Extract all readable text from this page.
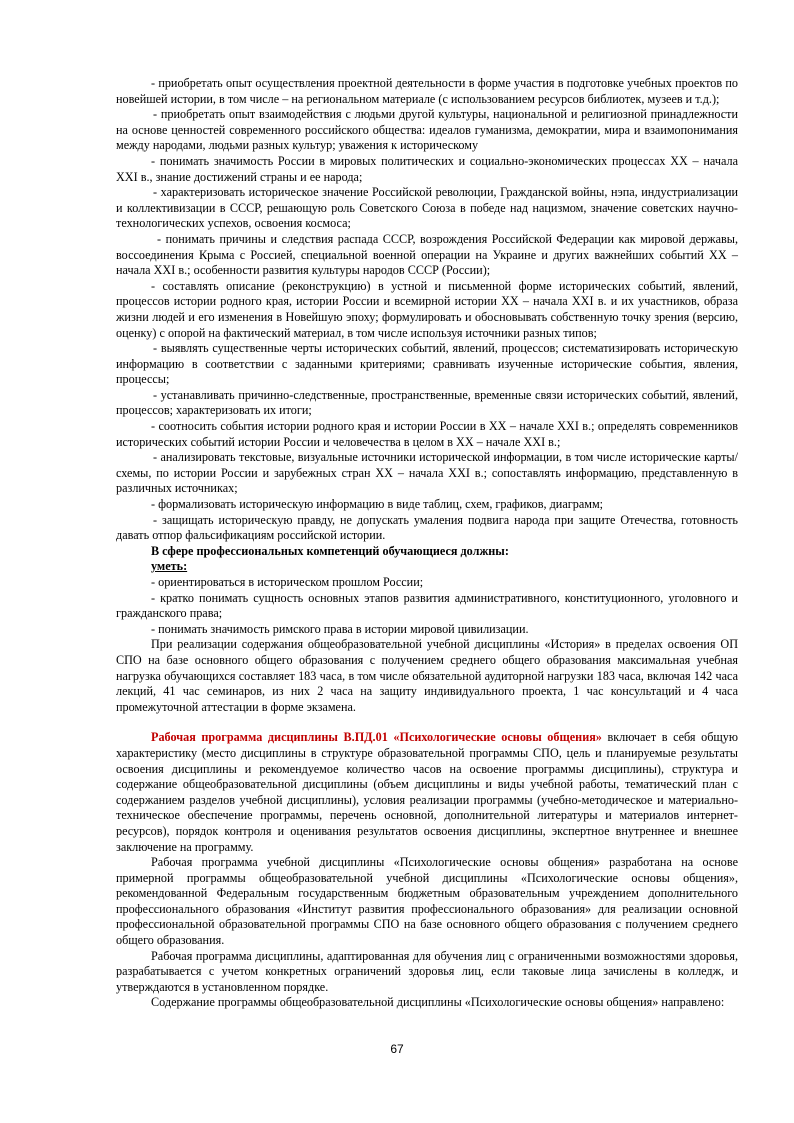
- приобретать опыт осуществления проектной деятельности в форме участия в подготовке учебных проектов по новейшей истории, в том числе – на региональном материале (с использованием ресурсов библиотек, музеев и т.д.);

- приобретать опыт взаимодействия с людьми другой культуры, национальной и религиозной принадлежности на основе ценностей современного российского общества: идеалов гуманизма, демократии, мира и взаимопонимания между народами, людьми разных культур; уважения к историческому

- понимать значимость России в мировых политических и социально-экономических процессах XX – начала XXI в., знание достижений страны и ее народа;

- характеризовать историческое значение Российской революции, Гражданской войны, нэпа, индустриализации и коллективизации в СССР, решающую роль Советского Союза в победе над нацизмом, значение советских научно-технологических успехов, освоения космоса;

- понимать причины и следствия распада СССР, возрождения Российской Федерации как мировой державы, воссоединения Крыма с Россией, специальной военной операции на Украине и других важнейших событий XX – начала XXI в.; особенности развития культуры народов СССР (России);

- составлять описание (реконструкцию) в устной и письменной форме исторических событий, явлений, процессов истории родного края, истории России и всемирной истории XX – начала XXI в. и их участников, образа жизни людей и его изменения в Новейшую эпоху; формулировать и обосновывать собственную точку зрения (версию, оценку) с опорой на фактический материал, в том числе используя источники разных типов;

- выявлять существенные черты исторических событий, явлений, процессов; систематизировать историческую информацию в соответствии с заданными критериями; сравнивать изученные исторические события, явления, процессы;

- устанавливать причинно-следственные, пространственные, временные связи исторических событий, явлений, процессов; характеризовать их итоги;

- соотносить события истории родного края и истории России в XX – начале XXI в.; определять современников исторических событий истории России и человечества в целом в XX – начале XXI в.;

- анализировать текстовые, визуальные источники исторической информации, в том числе исторические карты/схемы, по истории России и зарубежных стран XX – начала XXI в.; сопоставлять информацию, представленную в различных источниках;

- формализовать историческую информацию в виде таблиц, схем, графиков, диаграмм;

- защищать историческую правду, не допускать умаления подвига народа при защите Отечества, готовность давать отпор фальсификациям российской истории.

В сфере профессиональных компетенций обучающиеся должны:

уметь:

- ориентироваться в историческом прошлом России;

- кратко понимать сущность основных этапов развития административного, конституционного, уголовного и гражданского права;

- понимать значимость римского права в истории мировой цивилизации.

При реализации содержания общеобразовательной учебной дисциплины «История» в пределах освоения ОП СПО на базе основного общего образования с получением среднего общего образования максимальная учебная нагрузка обучающихся составляет 183 часа, в том числе обязательной аудиторной нагрузки 183 часа, включая 142 часа лекций, 41 час семинаров, из них 2 часа на защиту индивидуального проекта, 1 час консультаций и 4 часа промежуточной аттестации в форме экзамена.

Рабочая программа дисциплины В.ПД.01 «Психологические основы общения» включает в себя общую характеристику (место дисциплины в структуре образовательной программы СПО, цель и планируемые результаты освоения дисциплины и рекомендуемое количество часов на освоение программы дисциплины), структура и содержание общеобразовательной дисциплины (объем дисциплины и виды учебной работы, тематический план с содержанием разделов учебной дисциплины), условия реализации программы (учебно-методическое и материально-техническое обеспечение программы, перечень основной, дополнительной литературы и материалов интернет-ресурсов), порядок контроля и оценивания результатов освоения дисциплины, экспертное внутреннее и внешнее заключение на программу.

Рабочая программа учебной дисциплины «Психологические основы общения» разработана на основе примерной программы общеобразовательной учебной дисциплины «Психологические основы общения», рекомендованной Федеральным государственным бюджетным образовательным учреждением дополнительного профессионального образования «Институт развития профессионального образования» для реализации основной профессиональной образовательной программы СПО на базе основного общего образования с получением среднего общего образования.

Рабочая программа дисциплины, адаптированная для обучения лиц с ограниченными возможностями здоровья, разрабатывается с учетом конкретных ограничений здоровья лиц, если таковые лица зачислены в колледж, и утверждаются в установленном порядке.

Содержание программы общеобразовательной дисциплины «Психологические основы общения» направлено:

67
